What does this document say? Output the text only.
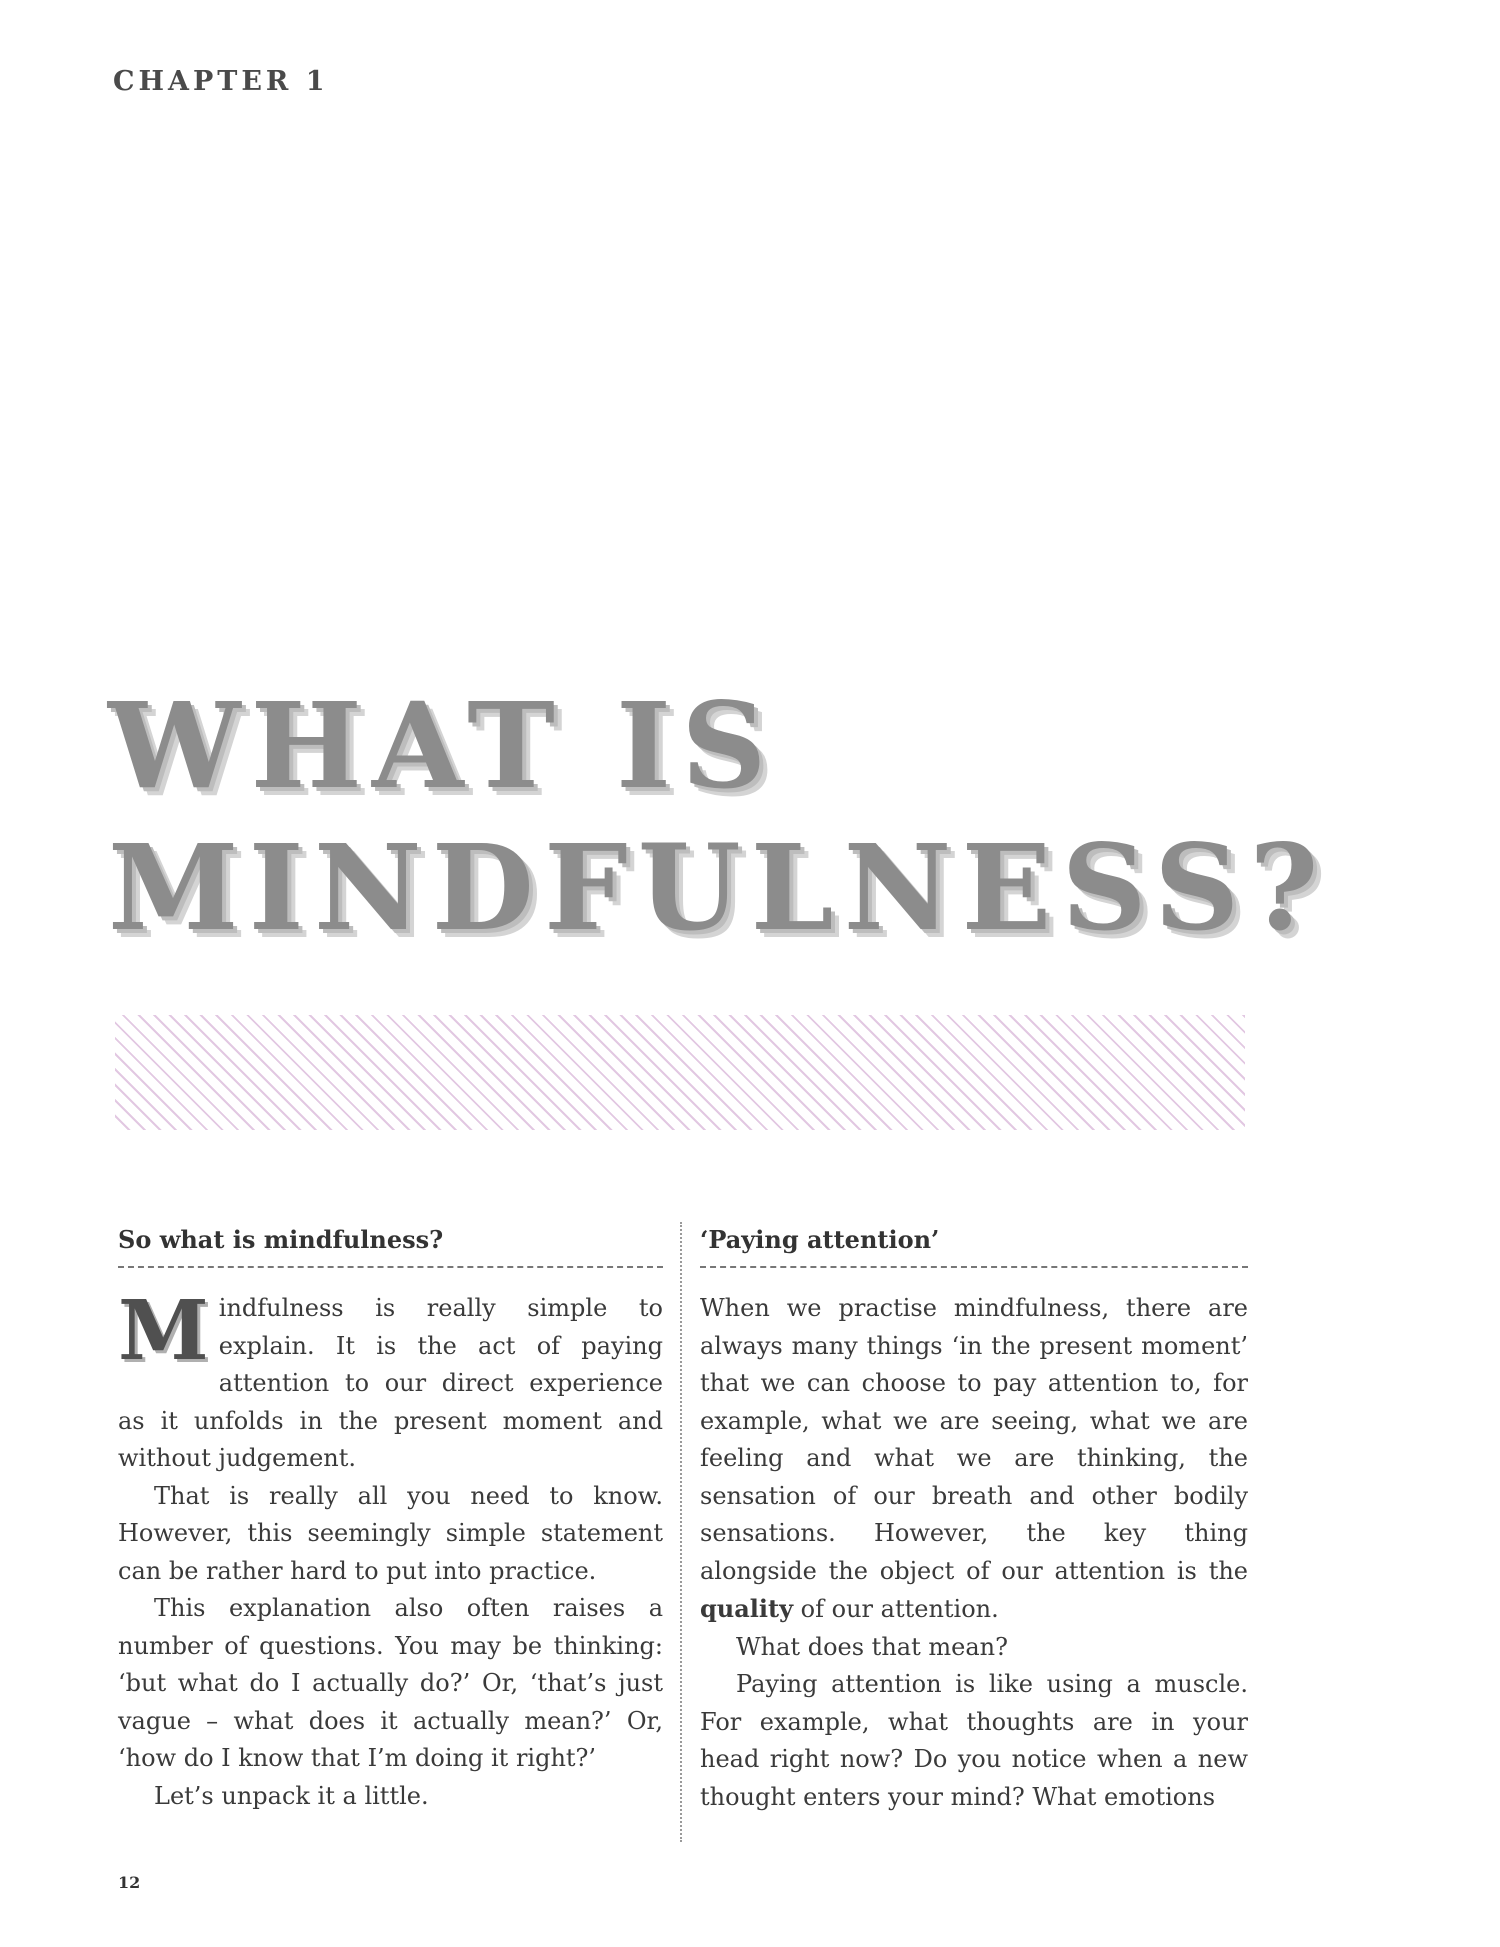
CHAPTER 1
WHAT IS
MINDFULNESS?
So what is mindfulness?

Mindfulness is really simple to explain. It is the act of paying attention to our direct experience as it unfolds in the present moment and without judgement.

That is really all you need to know. However, this seemingly simple statement can be rather hard to put into practice.

This explanation also often raises a number of questions. You may be thinking: ‘but what do I actually do?’ Or, ‘that’s just vague – what does it actually mean?’ Or, ‘how do I know that I’m doing it right?’

Let’s unpack it a little.

‘Paying attention’

When we practise mindfulness, there are always many things ‘in the present moment’ that we can choose to pay attention to, for example, what we are seeing, what we are feeling and what we are thinking, the sensation of our breath and other bodily sensations. However, the key thing alongside the object of our attention is the quality of our attention.

What does that mean?

Paying attention is like using a muscle. For example, what thoughts are in your head right now? Do you notice when a new thought enters your mind? What emotions

12
